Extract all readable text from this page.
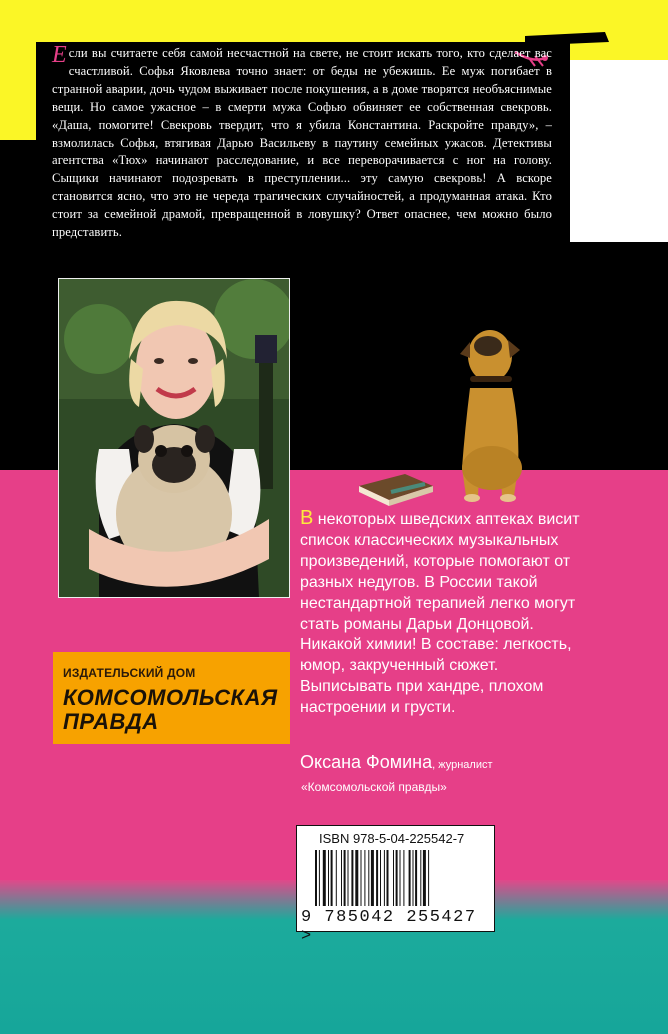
Если вы считаете себя самой несчастной на свете, не стоит искать того, кто сделает вас счастливой. Софья Яковлева точно знает: от беды не убежишь. Ее муж погибает в странной аварии, дочь чудом выживает после покушения, а в доме творятся необъяснимые вещи. Но самое ужасное – в смерти мужа Софью обвиняет ее собственная свекровь. «Даша, помогите! Свекровь твердит, что я убила Константина. Раскройте правду», – взмолилась Софья, втягивая Дарью Васильеву в паутину семейных ужасов. Детективы агентства «Тюх» начинают расследование, и все переворачивается с ног на голову. Сыщики начинают подозревать в преступлении... эту самую свекровь! А вскоре становится ясно, что это не череда трагических случайностей, а продуманная атака. Кто стоит за семейной драмой, превращенной в ловушку? Ответ опаснее, чем можно было представить.
В некоторых шведских аптеках висит список классических музыкальных произведений, которые помогают от разных недугов. В России такой нестандартной терапией легко могут стать романы Дарьи Донцовой. Никакой химии! В составе: легкость, юмор, закрученный сюжет. Выписывать при хандре, плохом настроении и грусти.
Оксана Фомина, журналист
«Комсомольской правды»
ИЗДАТЕЛЬСКИЙ ДОМ
КОМСОМОЛЬСКАЯ
ПРАВДА
ISBN 978-5-04-225542-7
9 785042 255427 >
